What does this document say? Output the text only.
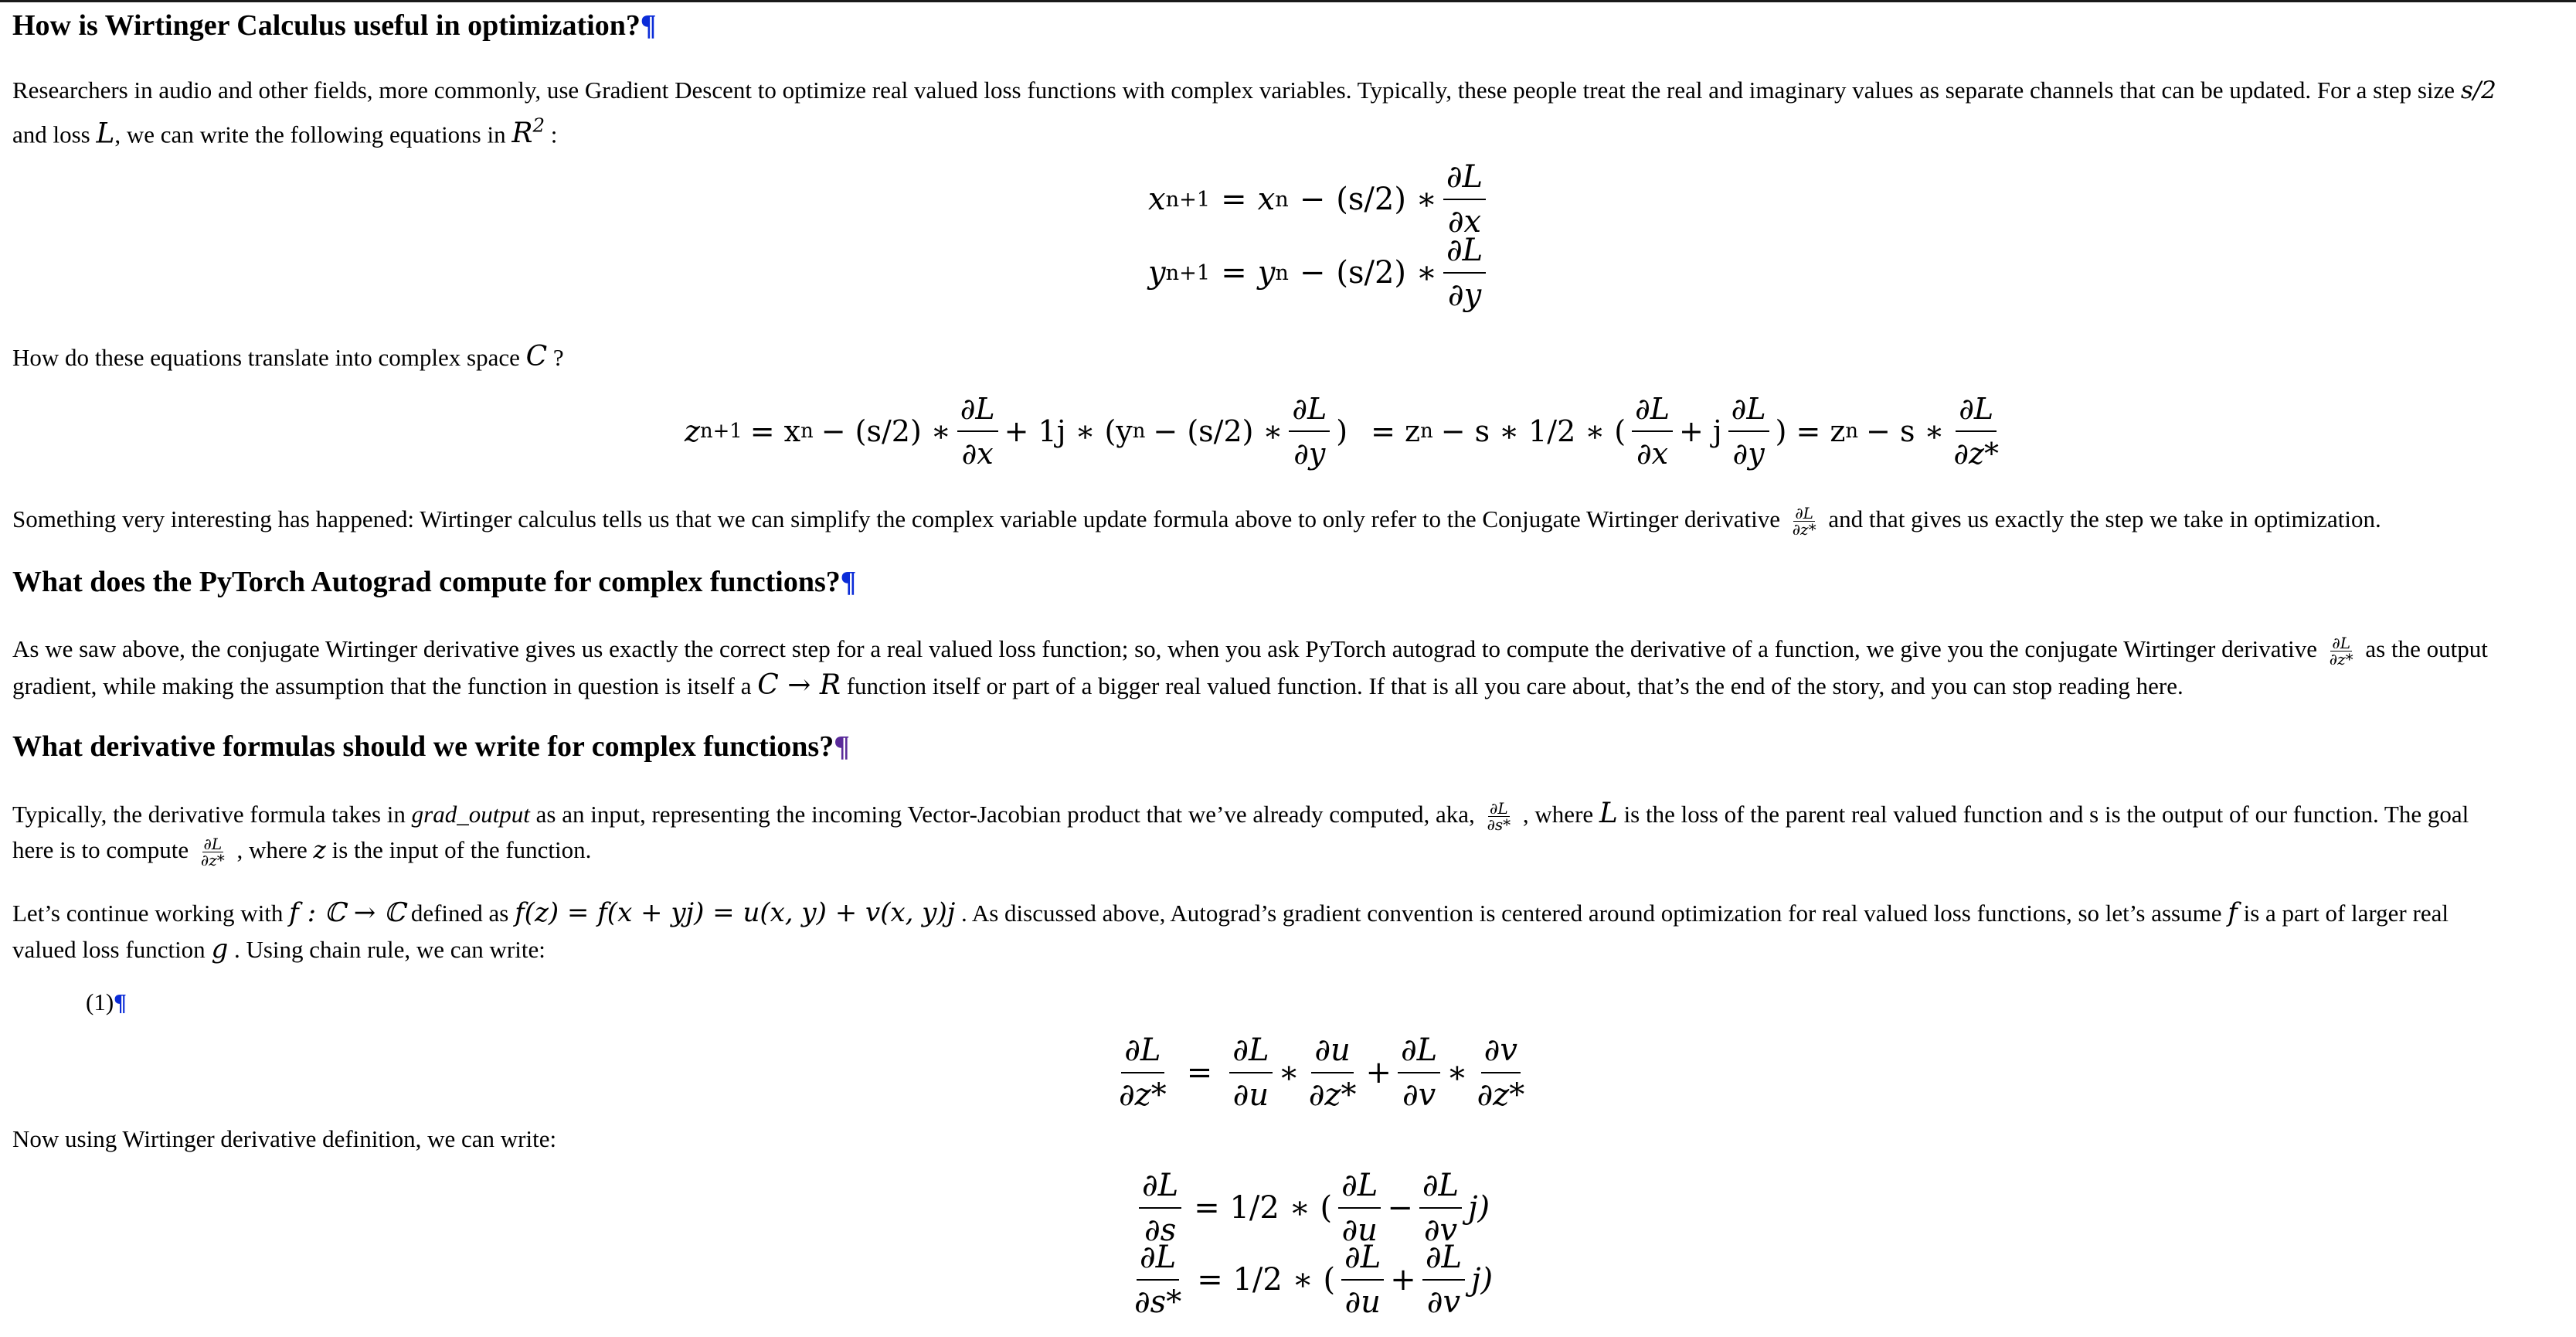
How is Wirtinger Calculus useful in optimization?¶
Researchers in audio and other fields, more commonly, use Gradient Descent to optimize real valued loss functions with complex variables. Typically, these people treat the real and imaginary values as separate channels that can be updated. For a step size s/2
and loss L, we can write the following equations in $R^2$ :
x n+1 = x n − (s/2) ∗ $\frac{\partial L}{\partial x}$
y n+1 = y n − (s/2) ∗ $\frac{\partial L}{\partial y}$
How do these equations translate into complex space C ?
z n+1 = x n − (s/2) ∗ $\frac{\partial L}{\partial x} + 1j$ ∗ (y n − (s/2) ∗ $\frac{\partial L}{\partial y}$ ) = z n − s ∗ 1/2 ∗ ( $\frac{\partial L}{\partial x} + j \frac{\partial L}{\partial y}$ ) = z n − s ∗ $\frac{\partial L}{\partial z*}$
Something very interesting has happened: Wirtinger calculus tells us that we can simplify the complex variable update formula above to only refer to the Conjugate Wirtinger derivative $\frac{\partial L}{\partial z*}$ and that gives us exactly the step we take in optimization.
What does the PyTorch Autograd compute for complex functions?¶
As we saw above, the conjugate Wirtinger derivative gives us exactly the correct step for a real valued loss function; so, when you ask PyTorch autograd to compute the derivative of a function, we give you the conjugate Wirtinger derivative $\frac{\partial L}{\partial z*}$ as the output
gradient, while making the assumption that the function in question is itself a C → R function itself or part of a bigger real valued function. If that is all you care about, that’s the end of the story, and you can stop reading here.
What derivative formulas should we write for complex functions?¶
Typically, the derivative formula takes in grad_output as an input, representing the incoming Vector-Jacobian product that we’ve already computed, aka, $\frac{\partial L}{\partial s*}$ , where L is the loss of the parent real valued function and s is the output of our function. The goal
here is to compute $\frac{\partial L}{\partial z*}$ , where z is the input of the function.
Let’s continue working with f : ℂ → ℂ defined as f(z) = f(x + yj) = u(x, y) + v(x, y)j . As discussed above, Autograd’s gradient convention is centered around optimization for real valued loss functions, so let’s assume f is a part of larger real
valued loss function g . Using chain rule, we can write:
(1)¶
$\frac{\partial L}{\partial z*} = \frac{\partial L}{\partial u}$ ∗ $\frac{\partial u}{\partial z*} + \frac{\partial L}{\partial v}$ ∗ $\frac{\partial v}{\partial z*}$
Now using Wirtinger derivative definition, we can write:
$\frac{\partial L}{\partial s} = 1/2$ ∗ ( $\frac{\partial L}{\partial u} - \frac{\partial L}{\partial v} j$)
$\frac{\partial L}{\partial s*} = 1/2$ ∗ ( $\frac{\partial L}{\partial u} + \frac{\partial L}{\partial v} j$)
